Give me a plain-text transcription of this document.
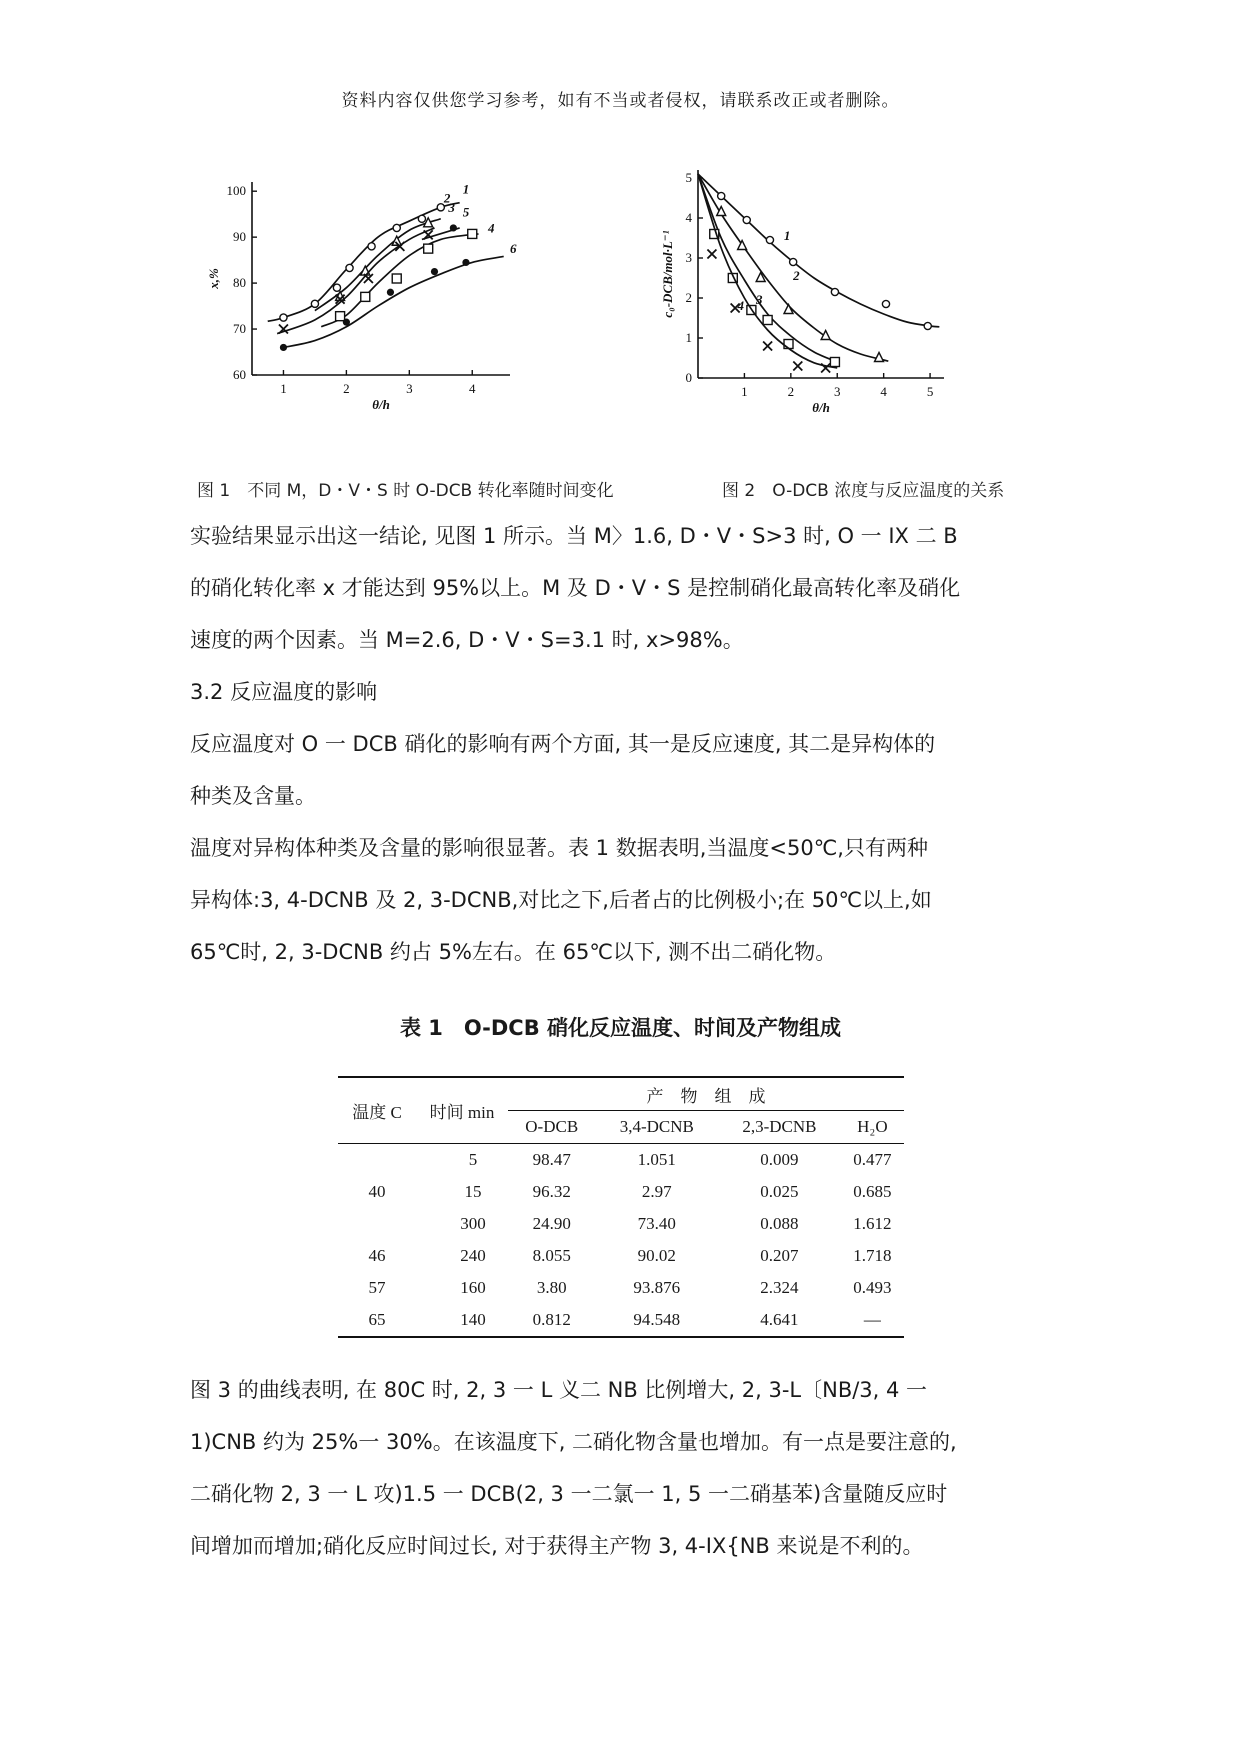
资料内容仅供您学习参考，如有不当或者侵权，请联系改正或者删除。
1	2	3	4
60
70
80
90
100
θ/h
x,%
1
2
3
4
5
6
1	2	3	4	5
0
1
2
3
4
5
θ/h
c₀-DCB/mol·L⁻¹	1
2
3
4
图 1　不同 M，D・V・S 时 O-DCB 转化率随时间变化	图 2　O-DCB 浓度与反应温度的关系
实验结果显示出这一结论, 见图 1 所示。当 M〉1.6, D・V・S>3 时, O 一 IX 二 B
的硝化转化率 x 才能达到 95%以上。M 及 D・V・S 是控制硝化最高转化率及硝化
速度的两个因素。当 M=2.6, D・V・S=3.1 时, x>98%。
3.2 反应温度的影响
反应温度对 O 一 DCB 硝化的影响有两个方面, 其一是反应速度, 其二是异构体的
种类及含量。
温度对异构体种类及含量的影响很显著。表 1 数据表明,当温度<50℃,只有两种
异构体:3, 4-DCNB 及 2, 3-DCNB,对比之下,后者占的比例极小;在 50℃以上,如
65℃时, 2, 3-DCNB 约占 5%左右。在 65℃以下, 测不出二硝化物。
表 1　O-DCB 硝化反应温度、时间及产物组成
温度 C	时间 min	产　物　组　成			
		O-DCB	3,4-DCNB	2,3-DCNB	H₂O
	5	98.47	1.051	0.009	0.477
40	15	96.32	2.97	0.025	0.685
	300	24.90	73.40	0.088	1.612
46	240	8.055	90.02	0.207	1.718
57	160	3.80	93.876	2.324	0.493
65	140	0.812	94.548	4.641	—
图 3 的曲线表明, 在 80C 时, 2, 3 一 L 义二 NB 比例增大, 2, 3-L〔NB/3, 4 一
1)CNB 约为 25%一 30%。在该温度下, 二硝化物含量也增加。有一点是要注意的,
二硝化物 2, 3 一 L 攻)1.5 一 DCB(2, 3 一二氯一 1, 5 一二硝基苯)含量随反应时
间增加而增加;硝化反应时间过长, 对于获得主产物 3, 4-IX{NB 来说是不利的。
